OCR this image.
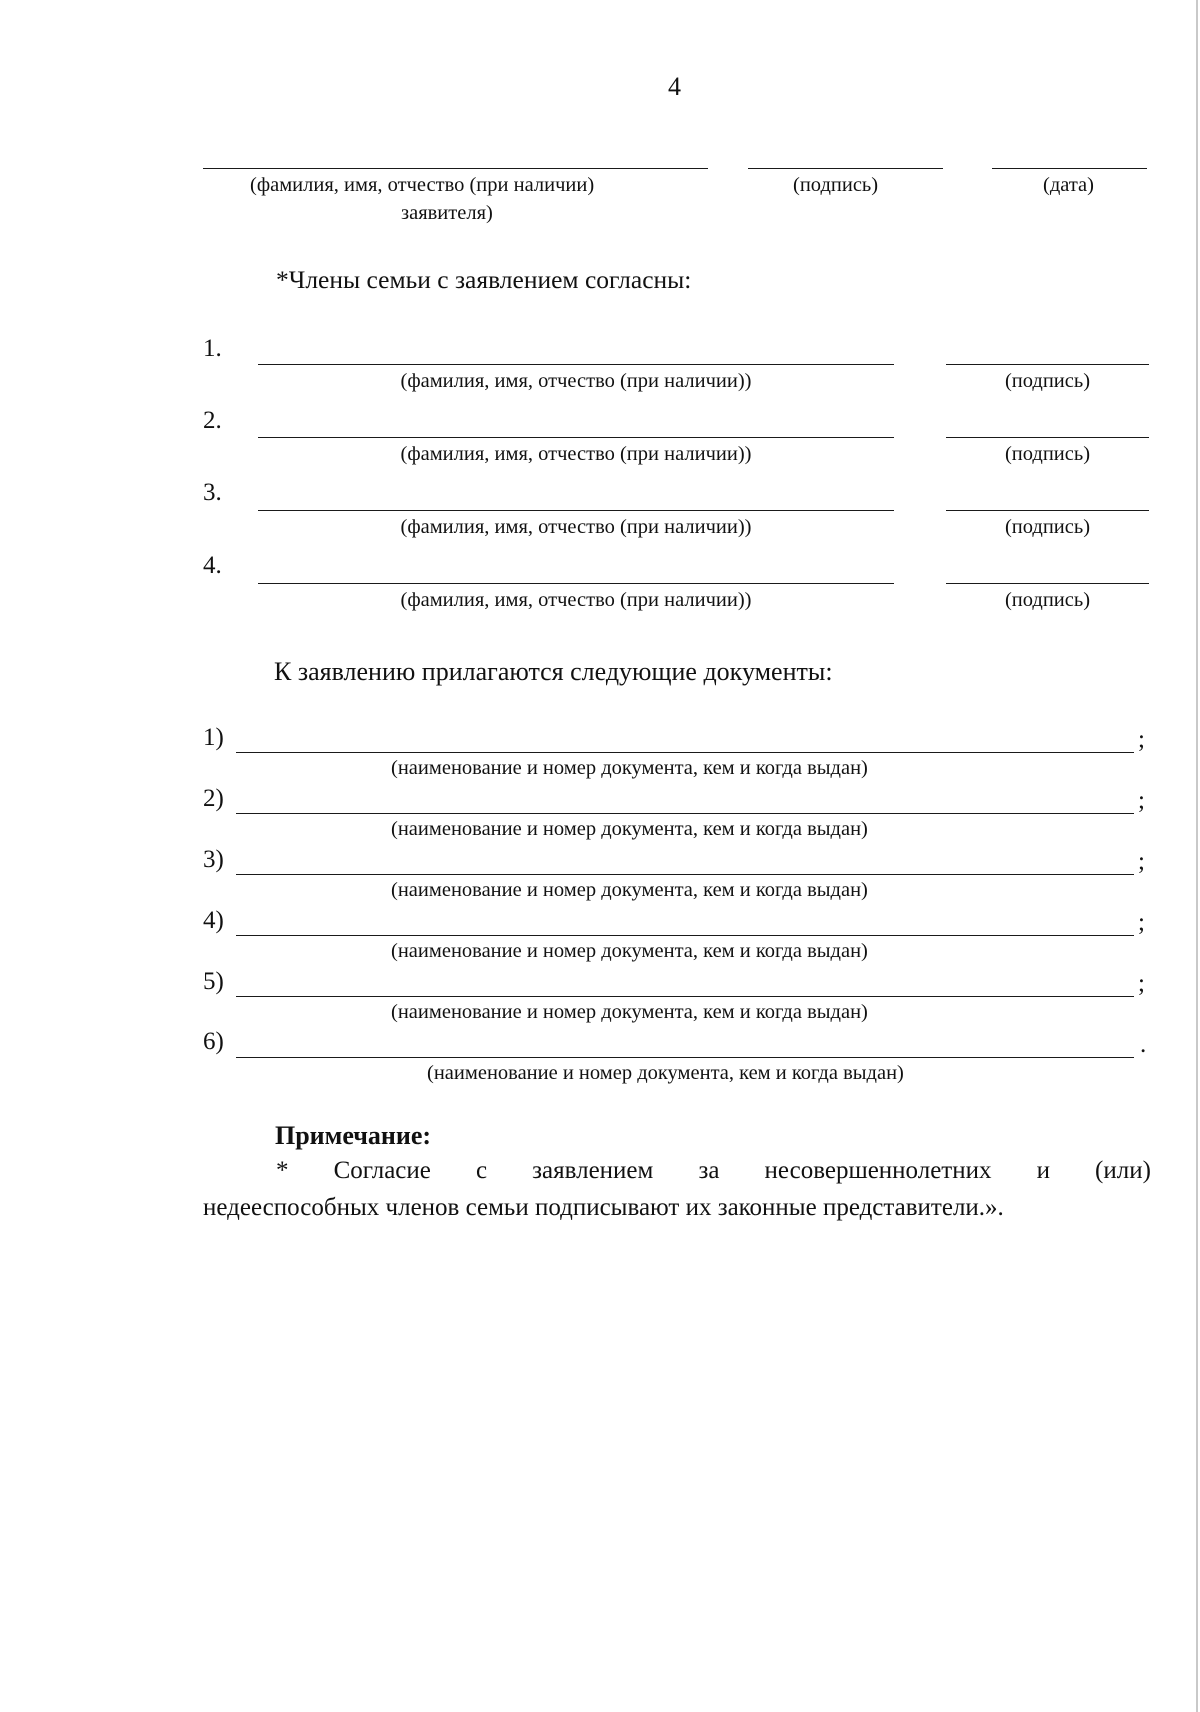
4
(фамилия, имя, отчество (при наличии)
заявителя)
(подпись)	(дата)
*Члены семьи с заявлением согласны:
1.
(фамилия, имя, отчество (при наличии))	(подпись)
2.
(фамилия, имя, отчество (при наличии))	(подпись)
3.
(фамилия, имя, отчество (при наличии))	(подпись)
4.
(фамилия, имя, отчество (при наличии))	(подпись)
К заявлению прилагаются следующие документы:
1)	;
(наименование и номер документа, кем и когда выдан)
2)	;
(наименование и номер документа, кем и когда выдан)
3)	;
(наименование и номер документа, кем и когда выдан)
4)	;
(наименование и номер документа, кем и когда выдан)
5)	;
(наименование и номер документа, кем и когда выдан)
6)	.
(наименование и номер документа, кем и когда выдан)
Примечание:
* Согласие с заявлением за несовершеннолетних и (или)
недееспособных членов семьи подписывают их законные представители.».
